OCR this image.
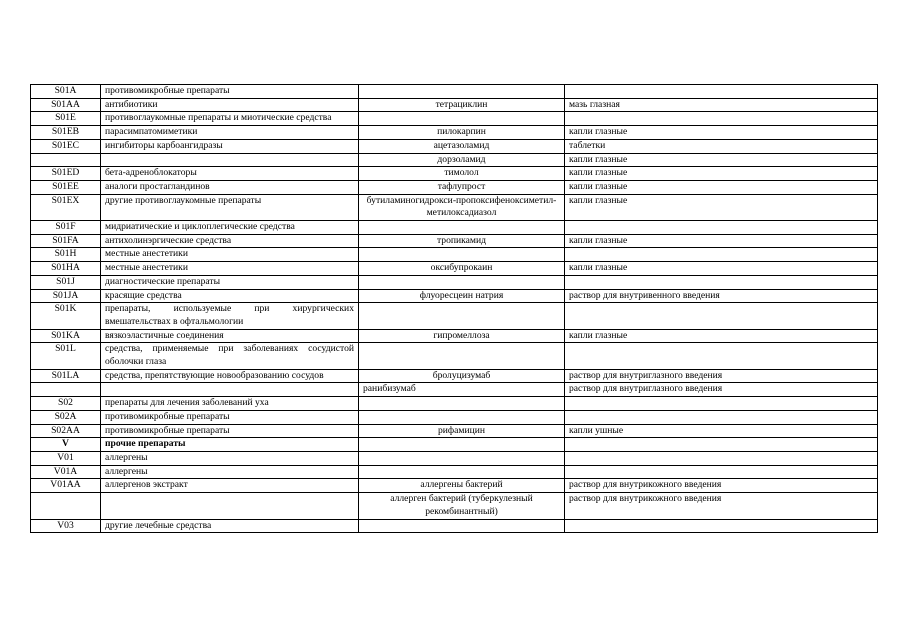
S01A	противомикробные препараты		
S01AA	антибиотики	тетрациклин	мазь глазная
S01E	противоглаукомные препараты и миотические средства		
S01EB	парасимпатомиметики	пилокарпин	капли глазные
S01EC	ингибиторы карбоангидразы	ацетазоламид	таблетки
		дорзоламид	капли глазные
S01ED	бета-адреноблокаторы	тимолол	капли глазные
S01EE	аналоги простагландинов	тафлупрост	капли глазные
S01EX	другие противоглаукомные препараты	бутиламиногидрокси-пропоксифеноксиметил-метилоксадиазол	капли глазные
S01F	мидриатические и циклоплегические средства		
S01FA	антихолинэргические средства	тропикамид	капли глазные
S01H	местные анестетики		
S01HA	местные анестетики	оксибупрокаин	капли глазные
S01J	диагностические препараты		
S01JA	красящие средства	флуоресцеин натрия	раствор для внутривенного введения
S01K	препараты, используемые при хирургических вмешательствах в офтальмологии		
S01KA	вязкоэластичные соединения	гипромеллоза	капли глазные
S01L	средства, применяемые при заболеваниях сосудистой оболочки глаза		
S01LA	средства, препятствующие новообразованию сосудов	бролуцизумаб	раствор для внутриглазного введения
		ранибизумаб	раствор для внутриглазного введения
S02	препараты для лечения заболеваний уха		
S02A	противомикробные препараты		
S02AA	противомикробные препараты	рифамицин	капли ушные
V	прочие препараты		
V01	аллергены		
V01A	аллергены		
V01AA	аллергенов экстракт	аллергены бактерий	раствор для внутрикожного введения
		аллерген бактерий (туберкулезный рекомбинантный)	раствор для внутрикожного введения
V03	другие лечебные средства		
